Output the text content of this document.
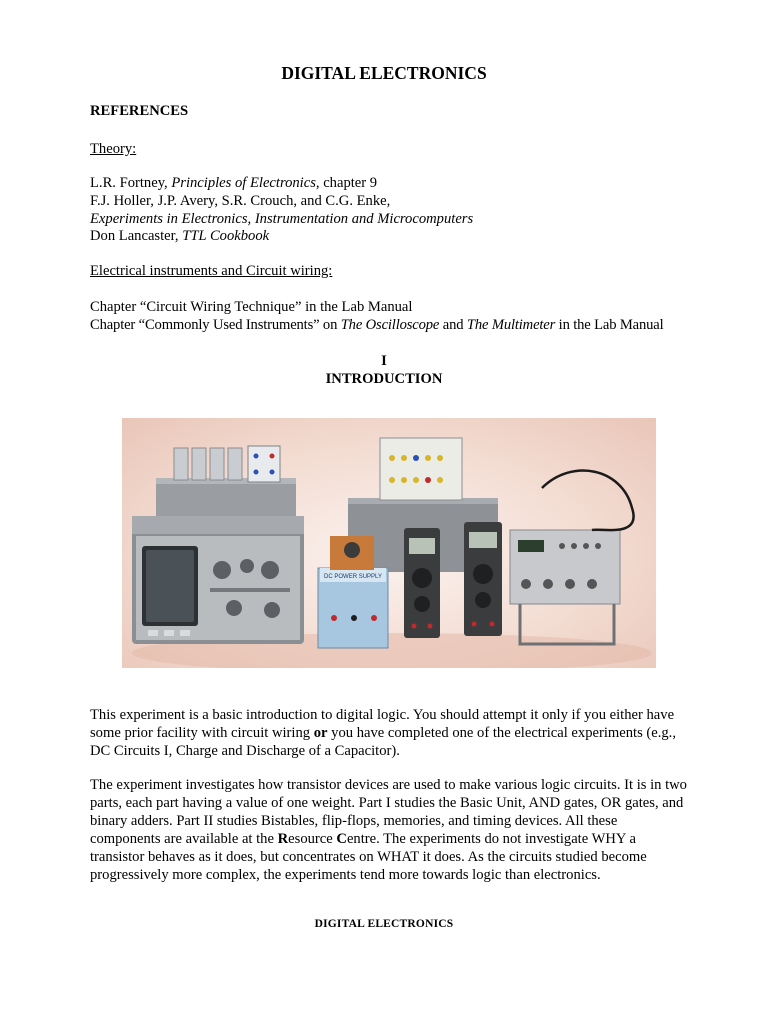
DIGITAL ELECTRONICS
REFERENCES
Theory:
L.R. Fortney, Principles of Electronics, chapter 9
F.J. Holler, J.P. Avery, S.R. Crouch, and C.G. Enke,
Experiments in Electronics, Instrumentation and Microcomputers
Don Lancaster, TTL Cookbook
Electrical instruments and Circuit wiring:
Chapter “Circuit Wiring Technique” in the Lab Manual
Chapter “Commonly Used Instruments” on The Oscilloscope and The Multimeter in the Lab Manual
I
INTRODUCTION
DC POWER SUPPLY
This experiment is a basic introduction to digital logic. You should attempt it only if you either have some prior facility with circuit wiring or you have completed one of the electrical experiments (e.g., DC Circuits I, Charge and Discharge of a Capacitor).
The experiment investigates how transistor devices are used to make various logic circuits. It is in two parts, each part having a value of one weight. Part I studies the Basic Unit, AND gates, OR gates, and binary adders. Part II studies Bistables, flip-flops, memories, and timing devices. All these components are available at the Resource Centre. The experiments do not investigate WHY a transistor behaves as it does, but concentrates on WHAT it does. As the circuits studied become progressively more complex, the experiments tend more towards logic than electronics.
DIGITAL ELECTRONICS
